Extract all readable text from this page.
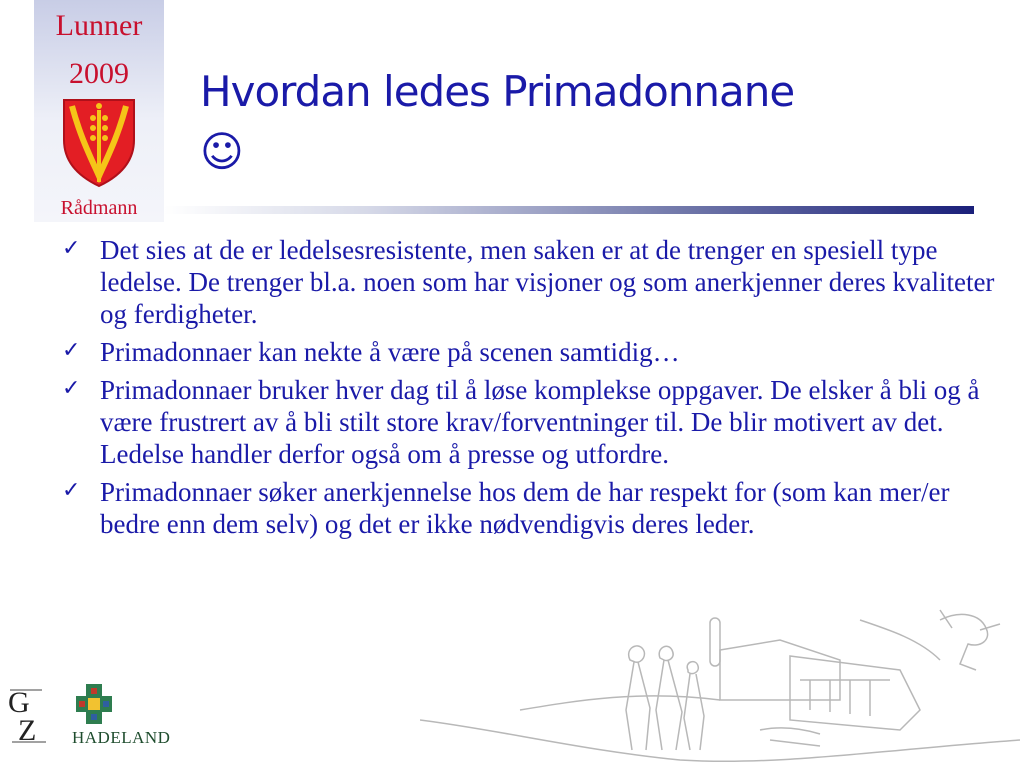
Lunner
2009
Rådmann
Hvordan ledes Primadonnane
☺
✓ Det sies at de er ledelsesresistente, men saken er at de trenger en spesiell type ledelse. De trenger bl.a. noen som har visjoner og som anerkjenner deres kvaliteter og ferdigheter.
✓ Primadonnaer kan nekte å være på scenen samtidig…
✓ Primadonnaer bruker hver dag til å løse komplekse oppgaver. De elsker å bli og å være frustrert av å bli stilt store krav/forventninger til. De blir motivert av det. Ledelse handler derfor også om å presse og utfordre.
✓ Primadonnaer søker anerkjennelse hos dem de har respekt for (som kan mer/er bedre enn dem selv) og det er ikke nødvendigvis deres leder.
G
Z HADELAND
